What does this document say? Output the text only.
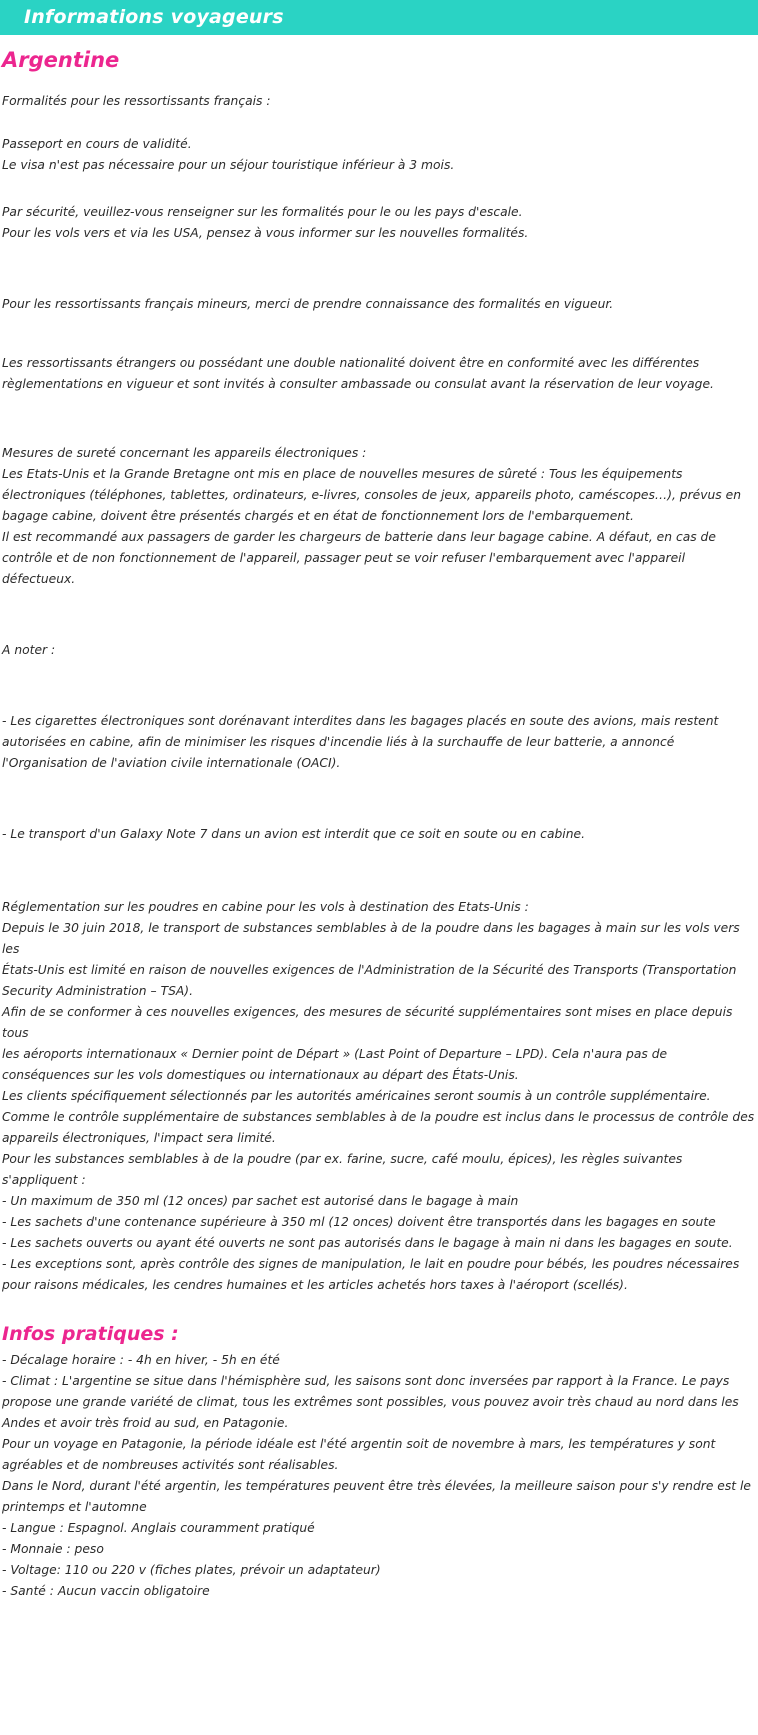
Informations voyageurs
Argentine

Formalités pour les ressortissants français :

Passeport en cours de validité.

Le visa n'est pas nécessaire pour un séjour touristique inférieur à 3 mois.

Par sécurité, veuillez-vous renseigner sur les formalités pour le ou les pays d'escale.

Pour les vols vers et via les USA, pensez à vous informer sur les nouvelles formalités.

Pour les ressortissants français mineurs, merci de prendre connaissance des formalités en vigueur.

Les ressortissants étrangers ou possédant une double nationalité doivent être en conformité avec les différentes

règlementations en vigueur et sont invités à consulter ambassade ou consulat avant la réservation de leur voyage.

Mesures de sureté concernant les appareils électroniques :

Les Etats-Unis et la Grande Bretagne ont mis en place de nouvelles mesures de sûreté : Tous les équipements

électroniques (téléphones, tablettes, ordinateurs, e-livres, consoles de jeux, appareils photo, caméscopes…), prévus en

bagage cabine, doivent être présentés chargés et en état de fonctionnement lors de l'embarquement.

Il est recommandé aux passagers de garder les chargeurs de batterie dans leur bagage cabine. A défaut, en cas de

contrôle et de non fonctionnement de l'appareil, passager peut se voir refuser l'embarquement avec l'appareil

défectueux.

A noter :

- Les cigarettes électroniques sont dorénavant interdites dans les bagages placés en soute des avions, mais restent

autorisées en cabine, afin de minimiser les risques d'incendie liés à la surchauffe de leur batterie, a annoncé

l'Organisation de l'aviation civile internationale (OACI).

- Le transport d'un Galaxy Note 7 dans un avion est interdit que ce soit en soute ou en cabine.

Réglementation sur les poudres en cabine pour les vols à destination des Etats-Unis :

Depuis le 30 juin 2018, le transport de substances semblables à de la poudre dans les bagages à main sur les vols vers les

États-Unis est limité en raison de nouvelles exigences de l'Administration de la Sécurité des Transports (Transportation

Security Administration – TSA).

Afin de se conformer à ces nouvelles exigences, des mesures de sécurité supplémentaires sont mises en place depuis tous

les aéroports internationaux « Dernier point de Départ » (Last Point of Departure – LPD). Cela n'aura pas de

conséquences sur les vols domestiques ou internationaux au départ des États-Unis.

Les clients spécifiquement sélectionnés par les autorités américaines seront soumis à un contrôle supplémentaire.

Comme le contrôle supplémentaire de substances semblables à de la poudre est inclus dans le processus de contrôle des

appareils électroniques, l'impact sera limité.

Pour les substances semblables à de la poudre (par ex. farine, sucre, café moulu, épices), les règles suivantes s'appliquent :

- Un maximum de 350 ml (12 onces) par sachet est autorisé dans le bagage à main

- Les sachets d'une contenance supérieure à 350 ml (12 onces) doivent être transportés dans les bagages en soute

- Les sachets ouverts ou ayant été ouverts ne sont pas autorisés dans le bagage à main ni dans les bagages en soute.

- Les exceptions sont, après contrôle des signes de manipulation, le lait en poudre pour bébés, les poudres nécessaires

pour raisons médicales, les cendres humaines et les articles achetés hors taxes à l'aéroport (scellés).

Infos pratiques :

- Décalage horaire : - 4h en hiver, - 5h en été

- Climat : L'argentine se situe dans l'hémisphère sud, les saisons sont donc inversées par rapport à la France. Le pays

propose une grande variété de climat, tous les extrêmes sont possibles, vous pouvez avoir très chaud au nord dans les

Andes et avoir très froid au sud, en Patagonie.

Pour un voyage en Patagonie, la période idéale est l'été argentin soit de novembre à mars, les températures y sont

agréables et de nombreuses activités sont réalisables.

Dans le Nord, durant l'été argentin, les températures peuvent être très élevées, la meilleure saison pour s'y rendre est le

printemps et l'automne

- Langue : Espagnol. Anglais couramment pratiqué

- Monnaie : peso

- Voltage: 110 ou 220 v (fiches plates, prévoir un adaptateur)

- Santé : Aucun vaccin obligatoire
